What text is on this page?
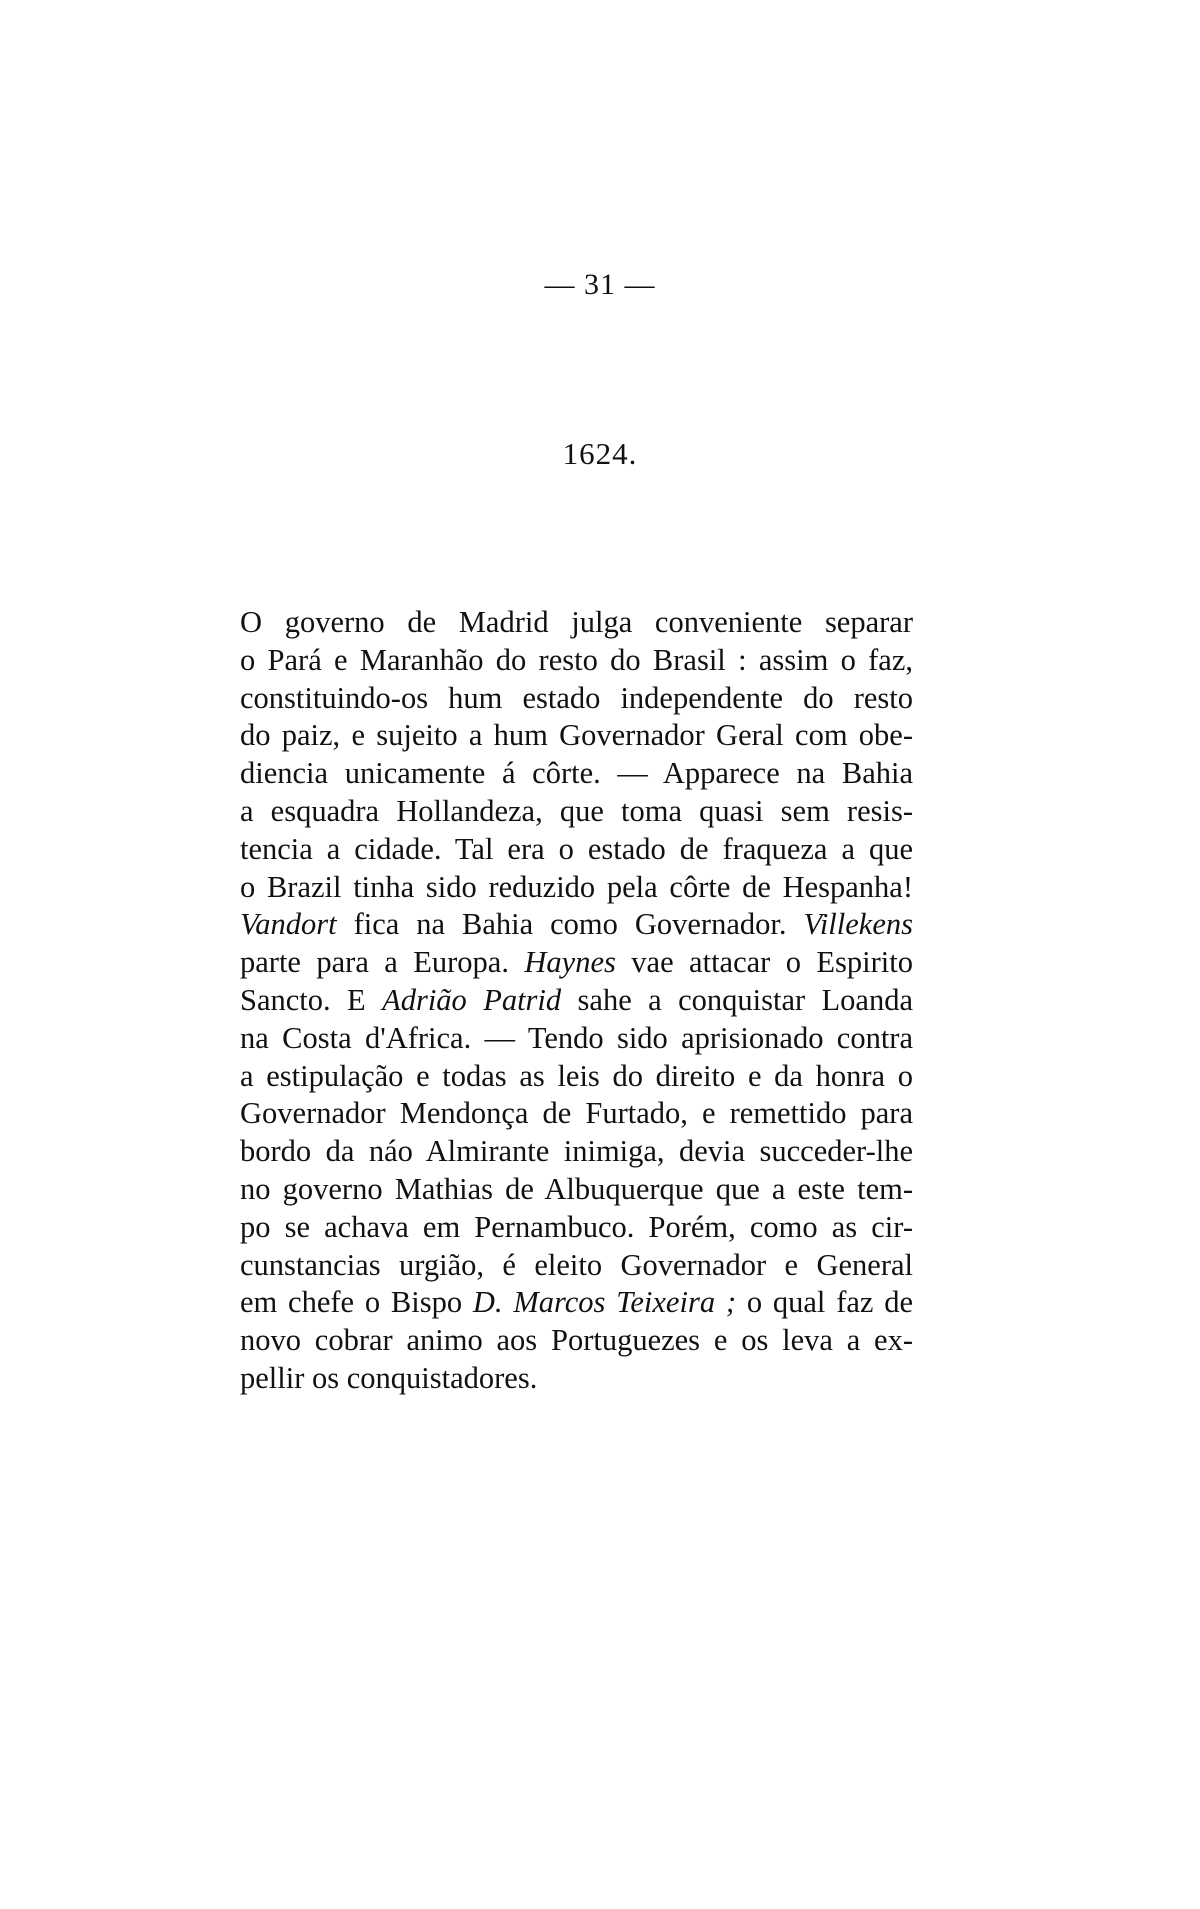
— 31 —
1624.
O governo de Madrid julga conveniente separar
o Pará e Maranhão do resto do Brasil : assim o faz,
constituindo-os hum estado independente do resto
do paiz, e sujeito a hum Governador Geral com obe-
diencia unicamente á côrte. — Apparece na Bahia
a esquadra Hollandeza, que toma quasi sem resis-
tencia a cidade. Tal era o estado de fraqueza a que
o Brazil tinha sido reduzido pela côrte de Hespanha!
Vandort fica na Bahia como Governador. Villekens
parte para a Europa. Haynes vae attacar o Espirito
Sancto. E Adrião Patrid sahe a conquistar Loanda
na Costa d'Africa. — Tendo sido aprisionado contra
a estipulação e todas as leis do direito e da honra o
Governador Mendonça de Furtado, e remettido para
bordo da náo Almirante inimiga, devia succeder-lhe
no governo Mathias de Albuquerque que a este tem-
po se achava em Pernambuco. Porém, como as cir-
cunstancias urgião, é eleito Governador e General
em chefe o Bispo D. Marcos Teixeira ; o qual faz de
novo cobrar animo aos Portuguezes e os leva a ex-
pellir os conquistadores.
